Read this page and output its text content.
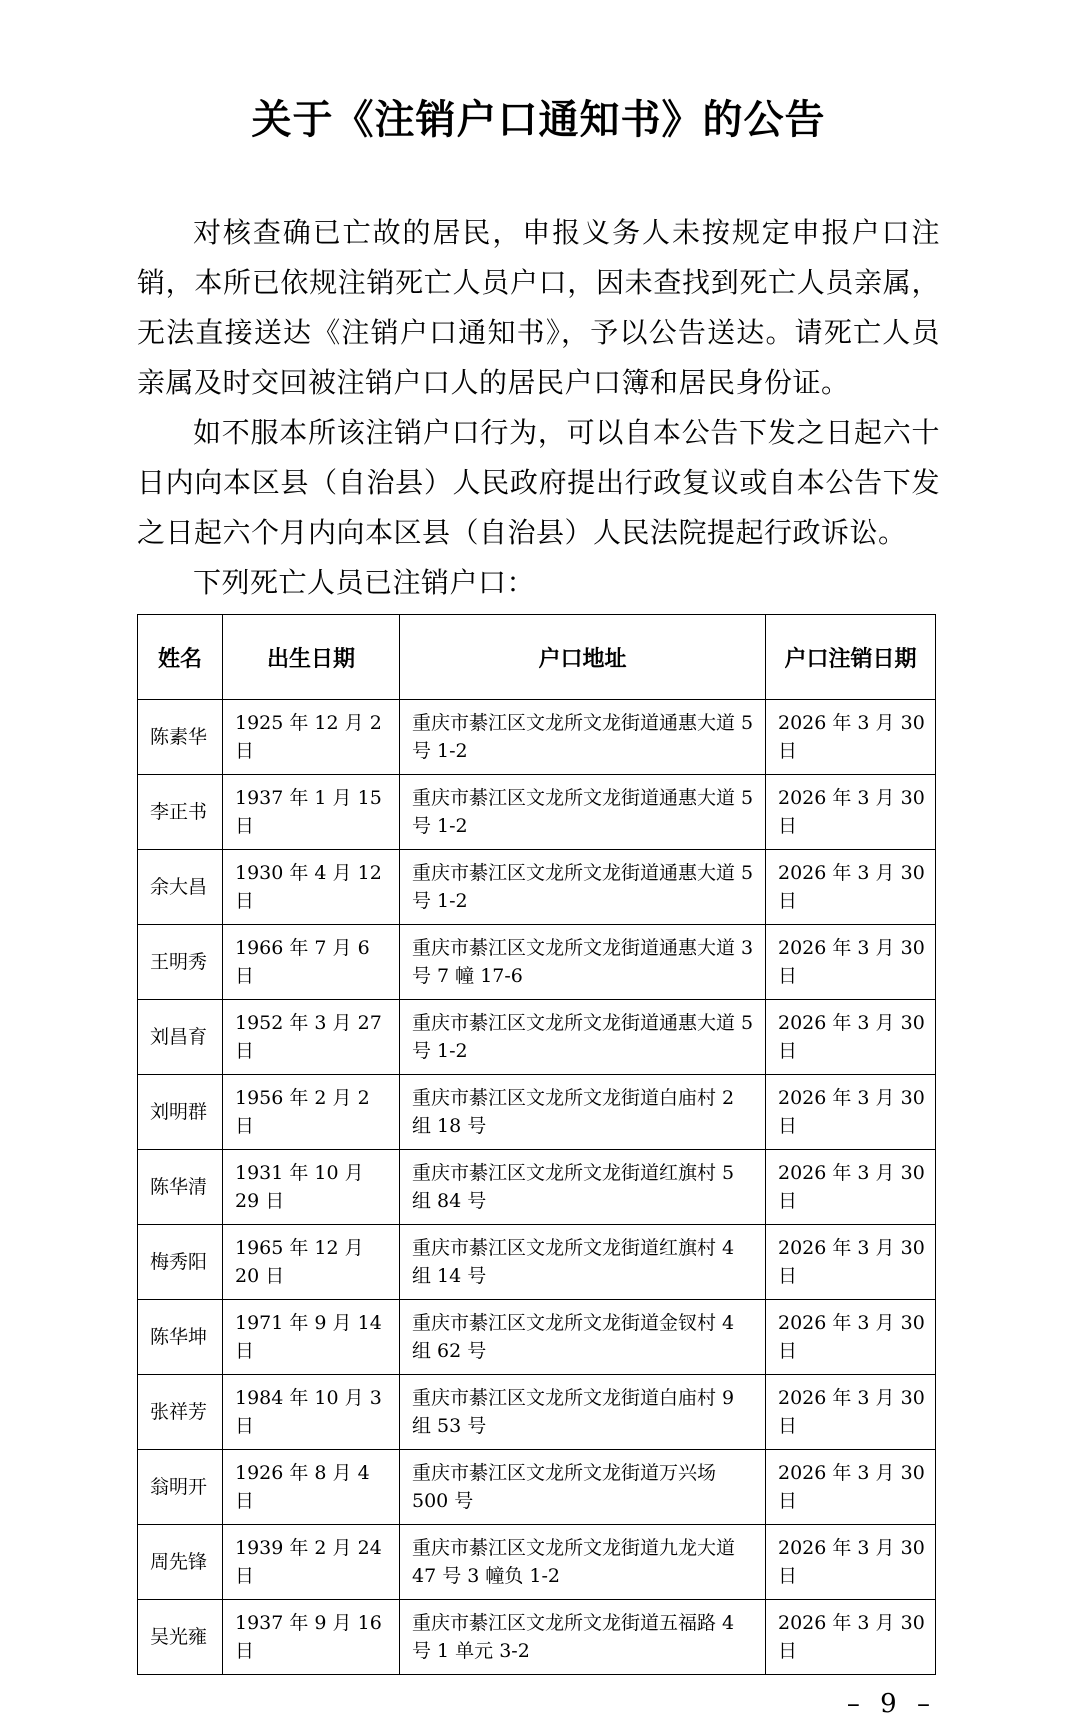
关于《注销户口通知书》的公告

对核查确已亡故的居民，申报义务人未按规定申报户口注销，本所已依规注销死亡人员户口，因未查找到死亡人员亲属，无法直接送达《注销户口通知书》，予以公告送达。请死亡人员亲属及时交回被注销户口人的居民户口簿和居民身份证。

如不服本所该注销户口行为，可以自本公告下发之日起六十日内向本区县（自治县）人民政府提出行政复议或自本公告下发之日起六个月内向本区县（自治县）人民法院提起行政诉讼。

下列死亡人员已注销户口：

姓名	出生日期	户口地址	户口注销日期
陈素华	1925 年 12 月 2 日	重庆市綦江区文龙所文龙街道通惠大道 5 号 1-2	2026 年 3 月 30 日
李正书	1937 年 1 月 15 日	重庆市綦江区文龙所文龙街道通惠大道 5 号 1-2	2026 年 3 月 30 日
余大昌	1930 年 4 月 12 日	重庆市綦江区文龙所文龙街道通惠大道 5 号 1-2	2026 年 3 月 30 日
王明秀	1966 年 7 月 6 日	重庆市綦江区文龙所文龙街道通惠大道 3 号 7 幢 17-6	2026 年 3 月 30 日
刘昌育	1952 年 3 月 27 日	重庆市綦江区文龙所文龙街道通惠大道 5 号 1-2	2026 年 3 月 30 日
刘明群	1956 年 2 月 2 日	重庆市綦江区文龙所文龙街道白庙村 2 组 18 号	2026 年 3 月 30 日
陈华清	1931 年 10 月 29 日	重庆市綦江区文龙所文龙街道红旗村 5 组 84 号	2026 年 3 月 30 日
梅秀阳	1965 年 12 月 20 日	重庆市綦江区文龙所文龙街道红旗村 4 组 14 号	2026 年 3 月 30 日
陈华坤	1971 年 9 月 14 日	重庆市綦江区文龙所文龙街道金钗村 4 组 62 号	2026 年 3 月 30 日
张祥芳	1984 年 10 月 3 日	重庆市綦江区文龙所文龙街道白庙村 9 组 53 号	2026 年 3 月 30 日
翁明开	1926 年 8 月 4 日	重庆市綦江区文龙所文龙街道万兴场 500 号	2026 年 3 月 30 日
周先锋	1939 年 2 月 24 日	重庆市綦江区文龙所文龙街道九龙大道 47 号 3 幢负 1-2	2026 年 3 月 30 日
吴光雍	1937 年 9 月 16 日	重庆市綦江区文龙所文龙街道五福路 4 号 1 单元 3-2	2026 年 3 月 30 日
– 9 –
